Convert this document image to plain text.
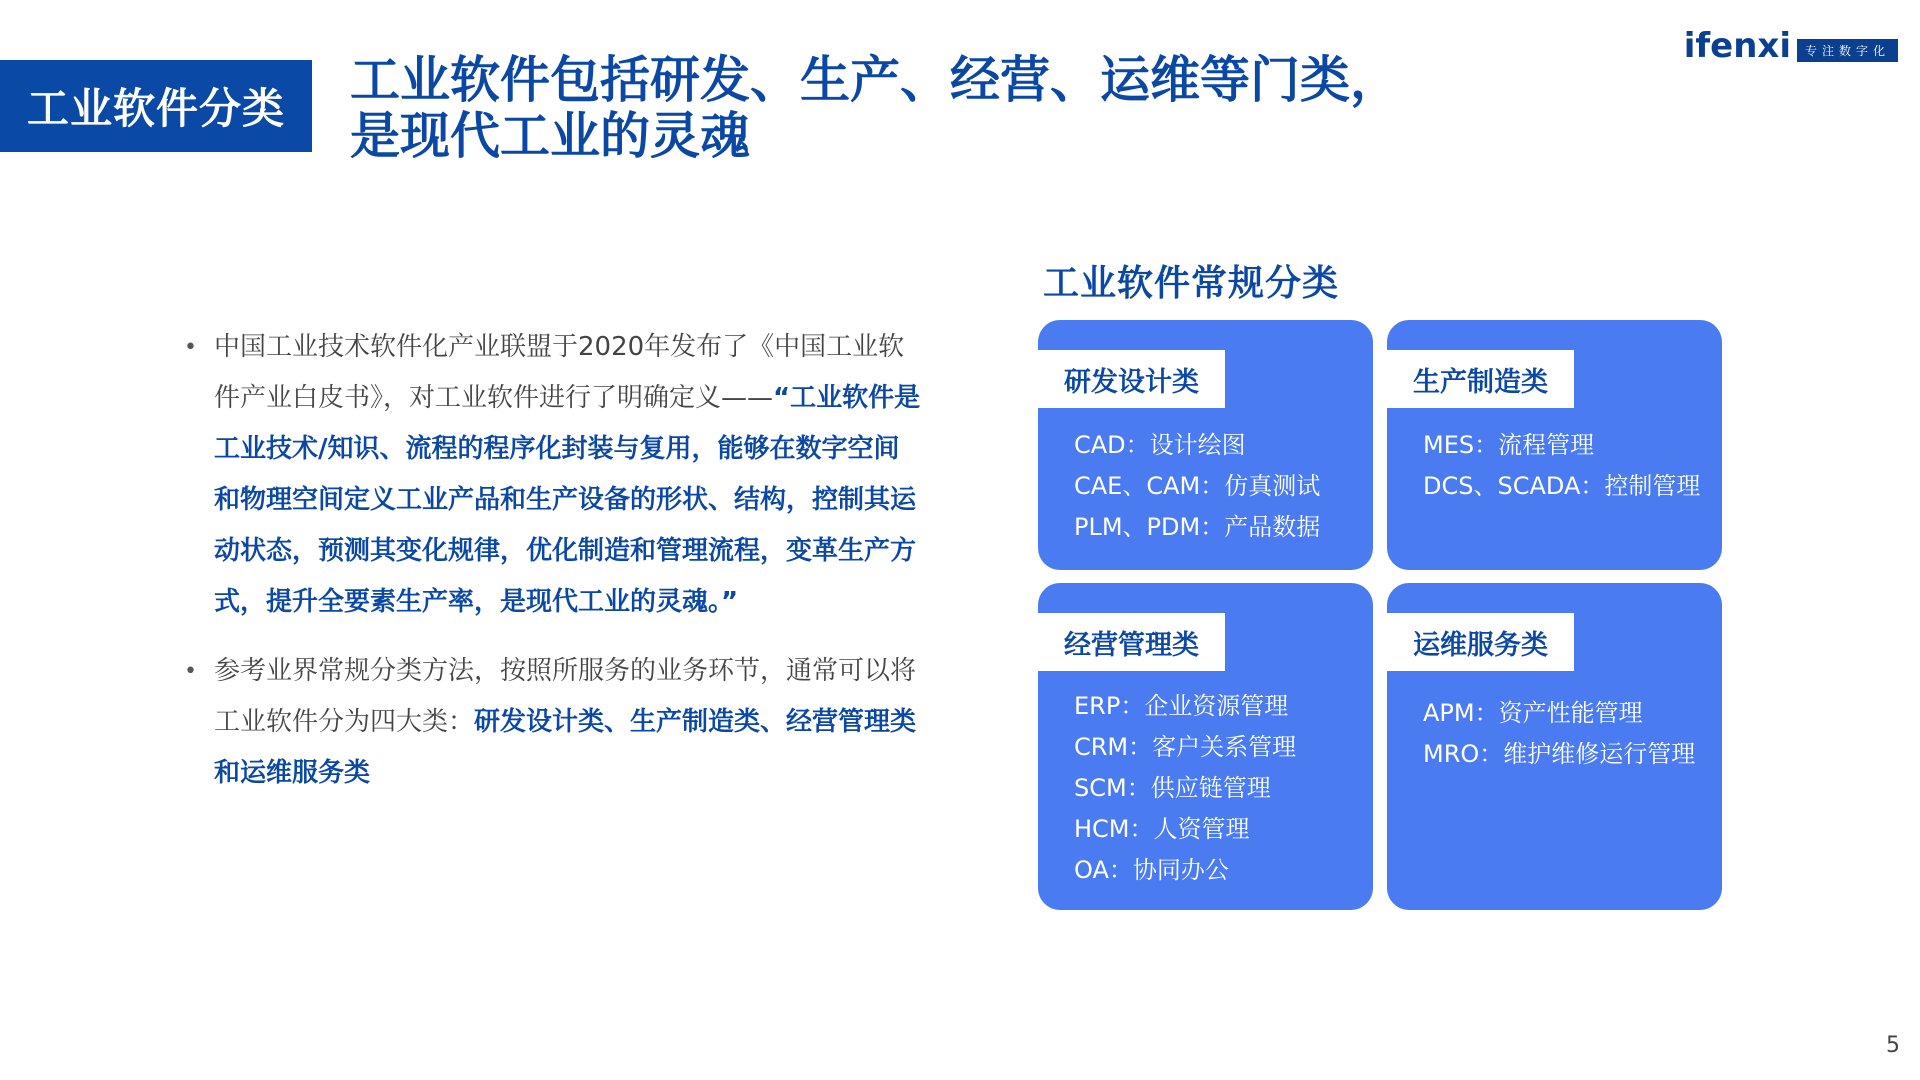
工业软件分类	工业软件包括研发、生产、经营、运维等门类，
是现代工业的灵魂
ifenxi	专注数字化
• 中国工业技术软件化产业联盟于2020年发布了《中国工业软件产业白皮书》，对工业软件进行了明确定义——“工业软件是工业技术/知识、流程的程序化封装与复用，能够在数字空间和物理空间定义工业产品和生产设备的形状、结构，控制其运动状态，预测其变化规律，优化制造和管理流程，变革生产方式，提升全要素生产率，是现代工业的灵魂。”
• 参考业界常规分类方法，按照所服务的业务环节，通常可以将工业软件分为四大类：研发设计类、生产制造类、经营管理类和运维服务类
工业软件常规分类
研发设计类
CAD：设计绘图
CAE、CAM：仿真测试
PLM、PDM：产品数据
生产制造类
MES：流程管理
DCS、SCADA：控制管理
经营管理类
ERP：企业资源管理
CRM：客户关系管理
SCM：供应链管理
HCM：人资管理
OA：协同办公
运维服务类
APM：资产性能管理
MRO：维护维修运行管理
5
